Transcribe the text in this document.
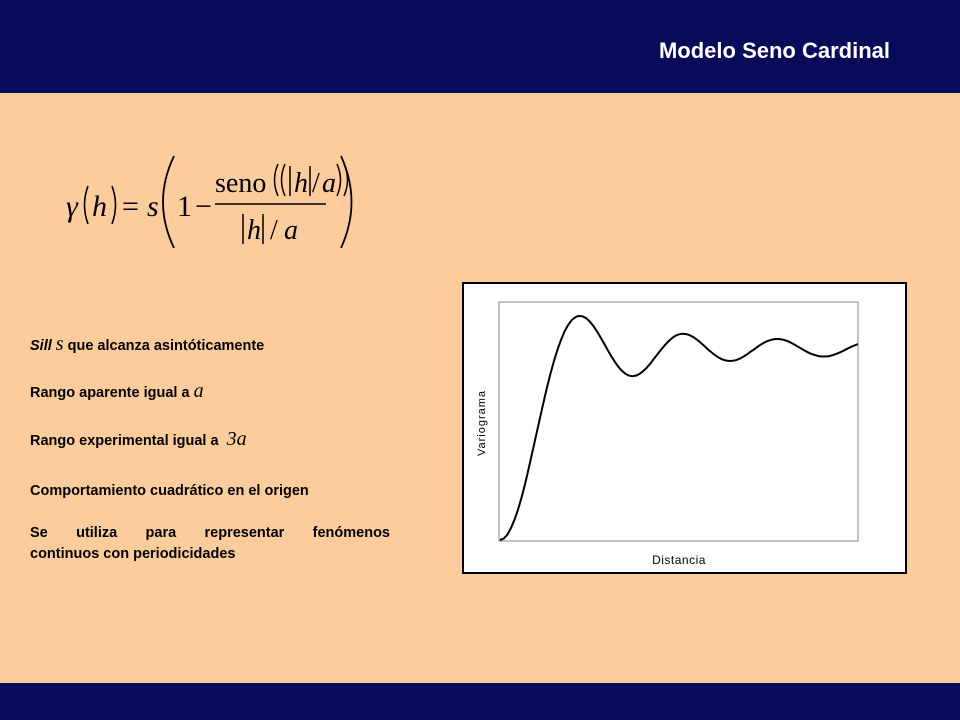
Modelo Seno Cardinal
γ h = s 1 −
seno h / a
h / a
Sill s que alcanza asintóticamente
Rango aparente igual a a
Rango experimental igual a  3a
Comportamiento cuadrático en el origen
Se utiliza para representar fenómenos
continuos con periodicidades
Variograma
Distancia
